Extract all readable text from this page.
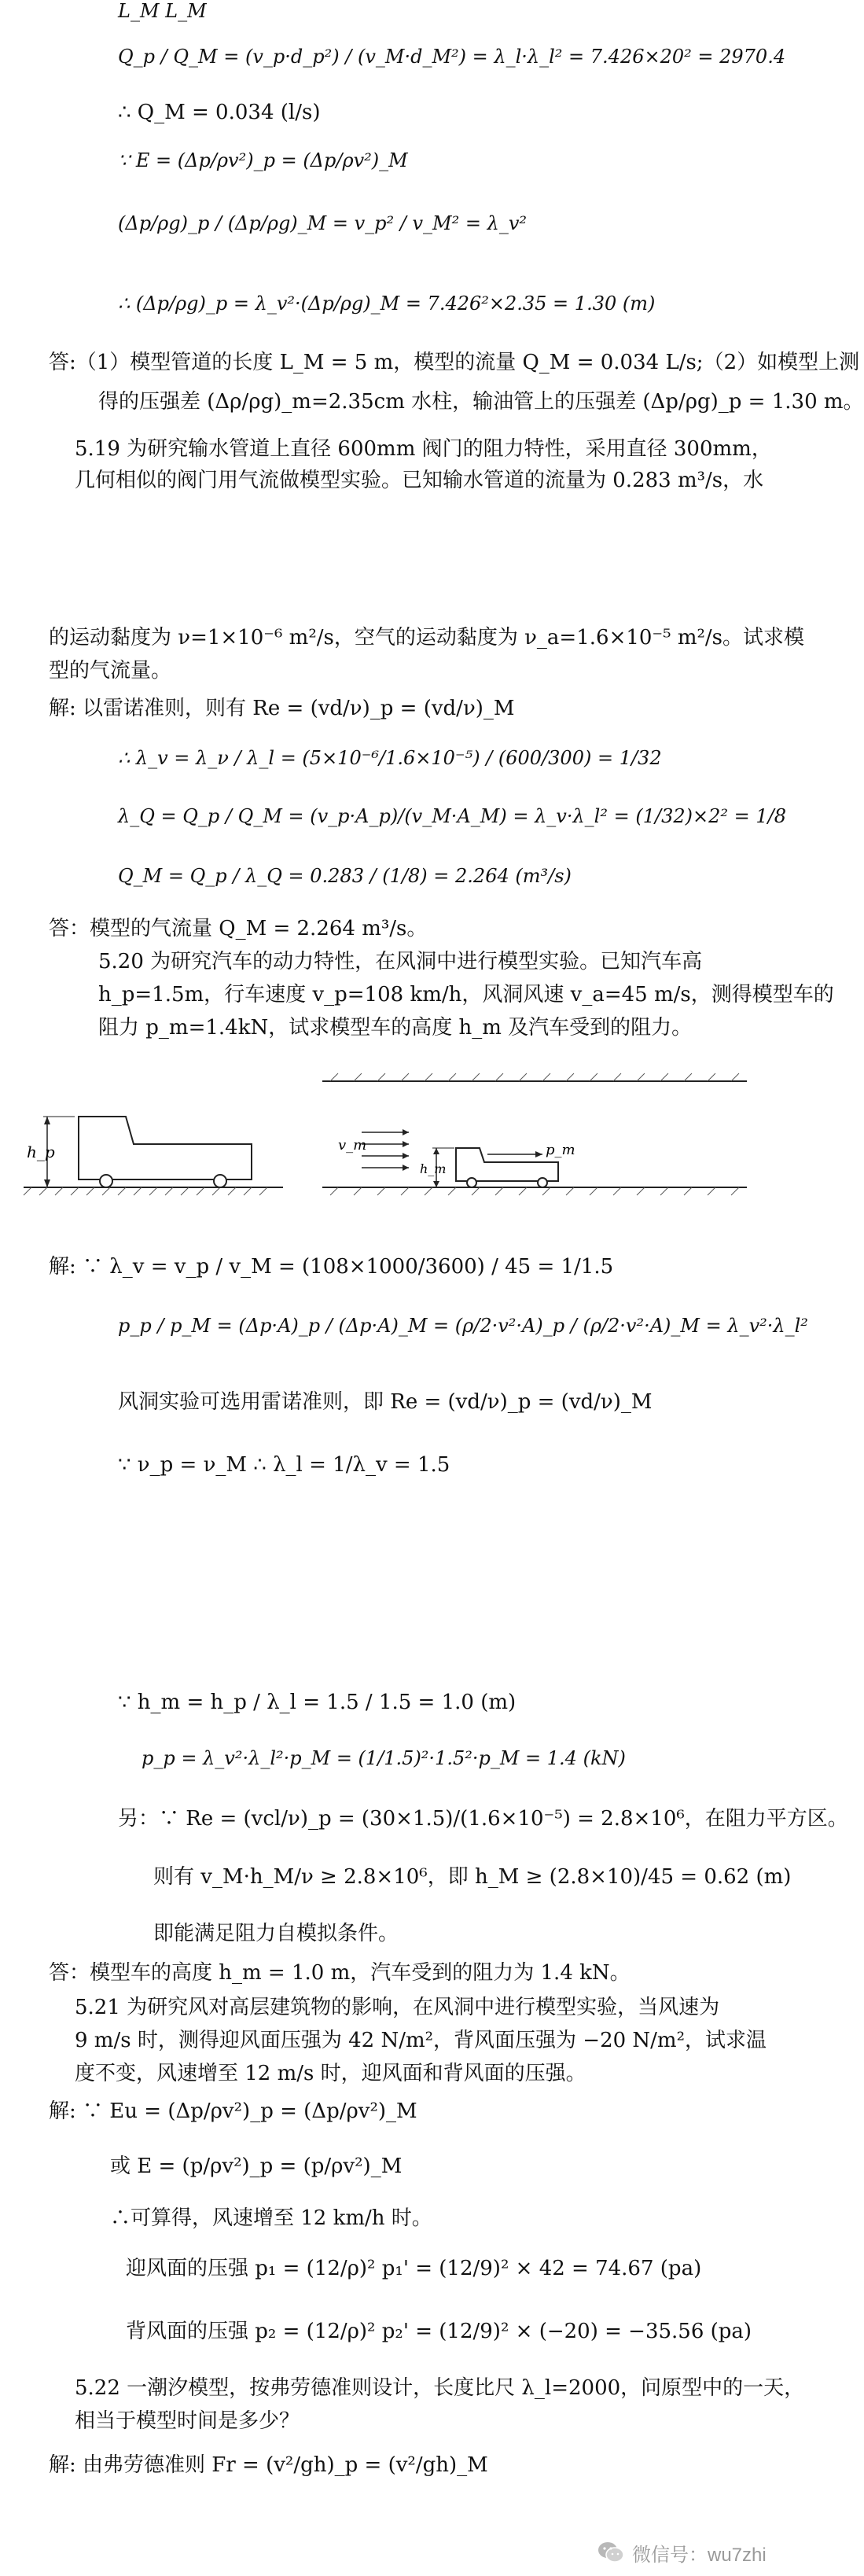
L_M L_M
Q_p / Q_M = (v_p·d_p²) / (v_M·d_M²) = λ_l·λ_l² = 7.426×20² = 2970.4
∴ Q_M = 0.034 (l/s)
∵ E = (Δp/ρv²)_p = (Δp/ρv²)_M
(Δp/ρg)_p / (Δp/ρg)_M = v_p² / v_M² = λ_v²
∴ (Δp/ρg)_p = λ_v²·(Δp/ρg)_M = 7.426²×2.35 = 1.30 (m)
答:（1）模型管道的长度 L_M = 5 m，模型的流量 Q_M = 0.034 L/s;（2）如模型上测
得的压强差 (Δρ/ρg)_m=2.35cm 水柱，输油管上的压强差 (Δp/ρg)_p = 1.30 m。
5.19 为研究输水管道上直径 600mm 阀门的阻力特性，采用直径 300mm，
几何相似的阀门用气流做模型实验。已知输水管道的流量为 0.283 m³/s，水
的运动黏度为 ν=1×10⁻⁶ m²/s，空气的运动黏度为 ν_a=1.6×10⁻⁵ m²/s。试求模
型的气流量。
解: 以雷诺准则，则有 Re = (vd/ν)_p = (vd/ν)_M
∴ λ_v = λ_ν / λ_l = (5×10⁻⁶/1.6×10⁻⁵) / (600/300) = 1/32
λ_Q = Q_p / Q_M = (v_p·A_p)/(v_M·A_M) = λ_v·λ_l² = (1/32)×2² = 1/8
Q_M = Q_p / λ_Q = 0.283 / (1/8) = 2.264 (m³/s)
答：模型的气流量 Q_M = 2.264 m³/s。
5.20 为研究汽车的动力特性，在风洞中进行模型实验。已知汽车高
h_p=1.5m，行车速度 v_p=108 km/h，风洞风速 v_a=45 m/s，测得模型车的
阻力 p_m=1.4kN，试求模型车的高度 h_m 及汽车受到的阻力。
解: ∵ λ_v = v_p / v_M = (108×1000/3600) / 45 = 1/1.5
p_p / p_M = (Δp·A)_p / (Δp·A)_M = (ρ/2·v²·A)_p / (ρ/2·v²·A)_M = λ_v²·λ_l²
风洞实验可选用雷诺准则，即 Re = (vd/ν)_p = (vd/ν)_M
∵ ν_p = ν_M ∴ λ_l = 1/λ_v = 1.5
∵ h_m = h_p / λ_l = 1.5 / 1.5 = 1.0 (m)
p_p = λ_v²·λ_l²·p_M = (1/1.5)²·1.5²·p_M = 1.4 (kN)
另：∵ Re = (vcl/ν)_p = (30×1.5)/(1.6×10⁻⁵) = 2.8×10⁶，在阻力平方区。
则有 v_M·h_M/ν ≥ 2.8×10⁶，即 h_M ≥ (2.8×10)/45 = 0.62 (m)
即能满足阻力自模拟条件。
答：模型车的高度 h_m = 1.0 m，汽车受到的阻力为 1.4 kN。
5.21 为研究风对高层建筑物的影响，在风洞中进行模型实验，当风速为
9 m/s 时，测得迎风面压强为 42 N/m²，背风面压强为 −20 N/m²，试求温
度不变，风速增至 12 m/s 时，迎风面和背风面的压强。
解: ∵ Eu = (Δp/ρv²)_p = (Δp/ρv²)_M
或 E = (p/ρv²)_p = (p/ρv²)_M
∴可算得，风速增至 12 km/h 时。
迎风面的压强 p₁ = (12/ρ)² p₁' = (12/9)² × 42 = 74.67 (pa)
背风面的压强 p₂ = (12/ρ)² p₂' = (12/9)² × (−20) = −35.56 (pa)
5.22 一潮汐模型，按弗劳德准则设计，长度比尺 λ_l=2000，问原型中的一天，
相当于模型时间是多少？
解: 由弗劳德准则 Fr = (v²/gh)_p = (v²/gh)_M
h_p	v_m
h_m
p_m
微信号：wu7zhi
